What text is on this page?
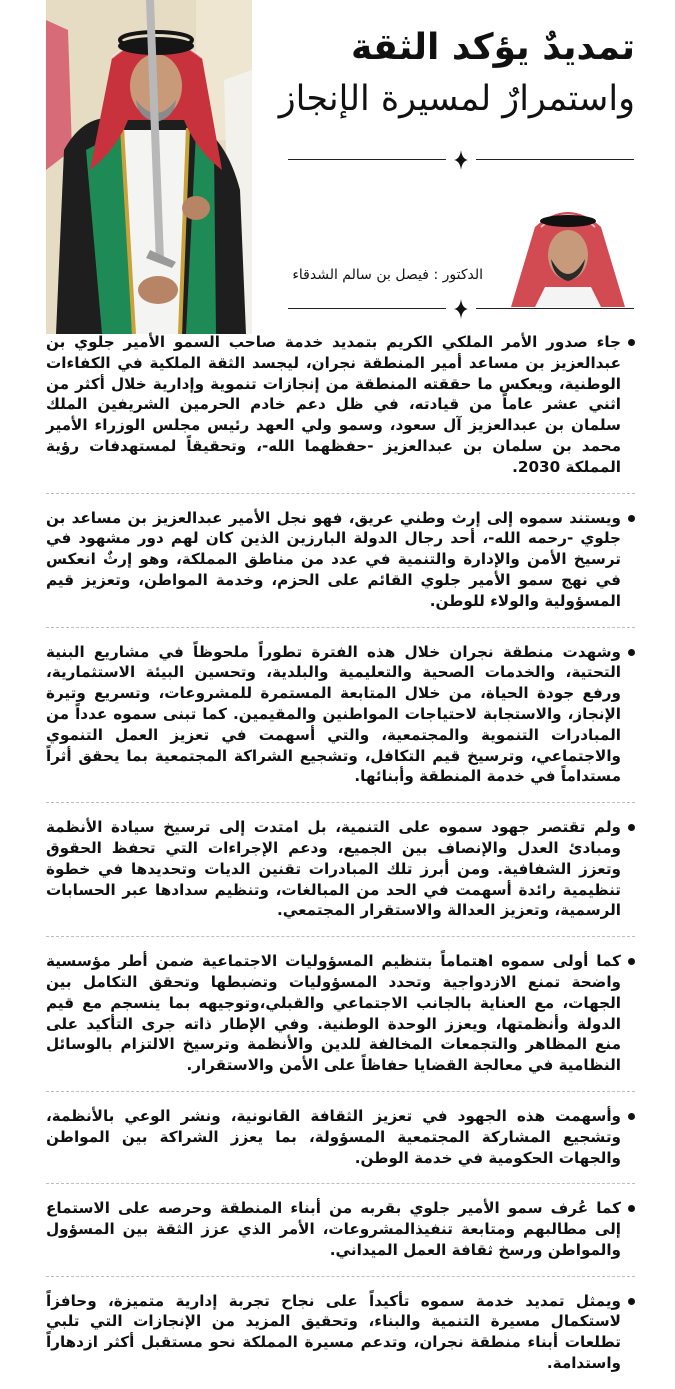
تمديدٌ يؤكد الثقة
واستمرارٌ لمسيرة الإنجاز
الدكتور : فيصل بن سالم الشدقاء

جاء صدور الأمر الملكي الكريم بتمديد خدمة صاحب السمو الأمير جلوي بن عبدالعزيز بن مساعد أمير المنطقة نجران، ليجسد الثقة الملكية في الكفاءات الوطنية، ويعكس ما حققته المنطقة من إنجازات تنموية وإدارية خلال أكثر من اثني عشر عاماً من قيادته، في ظل دعم خادم الحرمين الشريفين الملك سلمان بن عبدالعزيز آل سعود، وسمو ولي العهد رئيس مجلس الوزراء الأمير محمد بن سلمان بن عبدالعزيز -حفظهما الله-، وتحقيقاً لمستهدفات رؤية المملكة 2030.

ويستند سموه إلى إرث وطني عريق، فهو نجل الأمير عبدالعزيز بن مساعد بن جلوي -رحمه الله-، أحد رجال الدولة البارزين الذين كان لهم دور مشهود في ترسيخ الأمن والإدارة والتنمية في عدد من مناطق المملكة، وهو إرثٌ انعكس في نهج سمو الأمير جلوي القائم على الحزم، وخدمة المواطن، وتعزيز قيم المسؤولية والولاء للوطن.

وشهدت منطقة نجران خلال هذه الفترة تطوراً ملحوظاً في مشاريع البنية التحتية، والخدمات الصحية والتعليمية والبلدية، وتحسين البيئة الاستثمارية، ورفع جودة الحياة، من خلال المتابعة المستمرة للمشروعات، وتسريع وتيرة الإنجاز، والاستجابة لاحتياجات المواطنين والمقيمين. كما تبنى سموه عدداً من المبادرات التنموية والمجتمعية، والتي أسهمت في تعزيز العمل التنموي والاجتماعي، وترسيخ قيم التكافل، وتشجيع الشراكة المجتمعية بما يحقق أثراً مستداماً في خدمة المنطقة وأبنائها.

ولم تقتصر جهود سموه على التنمية، بل امتدت إلى ترسيخ سيادة الأنظمة ومبادئ العدل والإنصاف بين الجميع، ودعم الإجراءات التي تحفظ الحقوق وتعزز الشفافية. ومن أبرز تلك المبادرات تقنين الديات وتحديدها في خطوة تنظيمية رائدة أسهمت في الحد من المبالغات، وتنظيم سدادها عبر الحسابات الرسمية، وتعزيز العدالة والاستقرار المجتمعي.

كما أولى سموه اهتماماً بتنظيم المسؤوليات الاجتماعية ضمن أطر مؤسسية واضحة تمنع الازدواجية وتحدد المسؤوليات وتضبطها وتحقق التكامل بين الجهات، مع العناية بالجانب الاجتماعي والقبلي،وتوجيهه بما ينسجم مع قيم الدولة وأنظمتها، ويعزز الوحدة الوطنية. وفي الإطار ذاته جرى التأكيد على منع المظاهر والتجمعات المخالفة للدين والأنظمة وترسيخ الالتزام بالوسائل النظامية في معالجة القضايا حفاظاً على الأمن والاستقرار.

وأسهمت هذه الجهود في تعزيز الثقافة القانونية، ونشر الوعي بالأنظمة، وتشجيع المشاركة المجتمعية المسؤولة، بما يعزز الشراكة بين المواطن والجهات الحكومية في خدمة الوطن.

كما عُرف سمو الأمير جلوي بقربه من أبناء المنطقة وحرصه على الاستماع إلى مطالبهم ومتابعة تنفيذالمشروعات، الأمر الذي عزز الثقة بين المسؤول والمواطن ورسخ ثقافة العمل الميداني.

ويمثل تمديد خدمة سموه تأكيداً على نجاح تجربة إدارية متميزة، وحافزاً لاستكمال مسيرة التنمية والبناء، وتحقيق المزيد من الإنجازات التي تلبي تطلعات أبناء منطقة نجران، وتدعم مسيرة المملكة نحو مستقبل أكثر ازدهاراً واستدامة.
